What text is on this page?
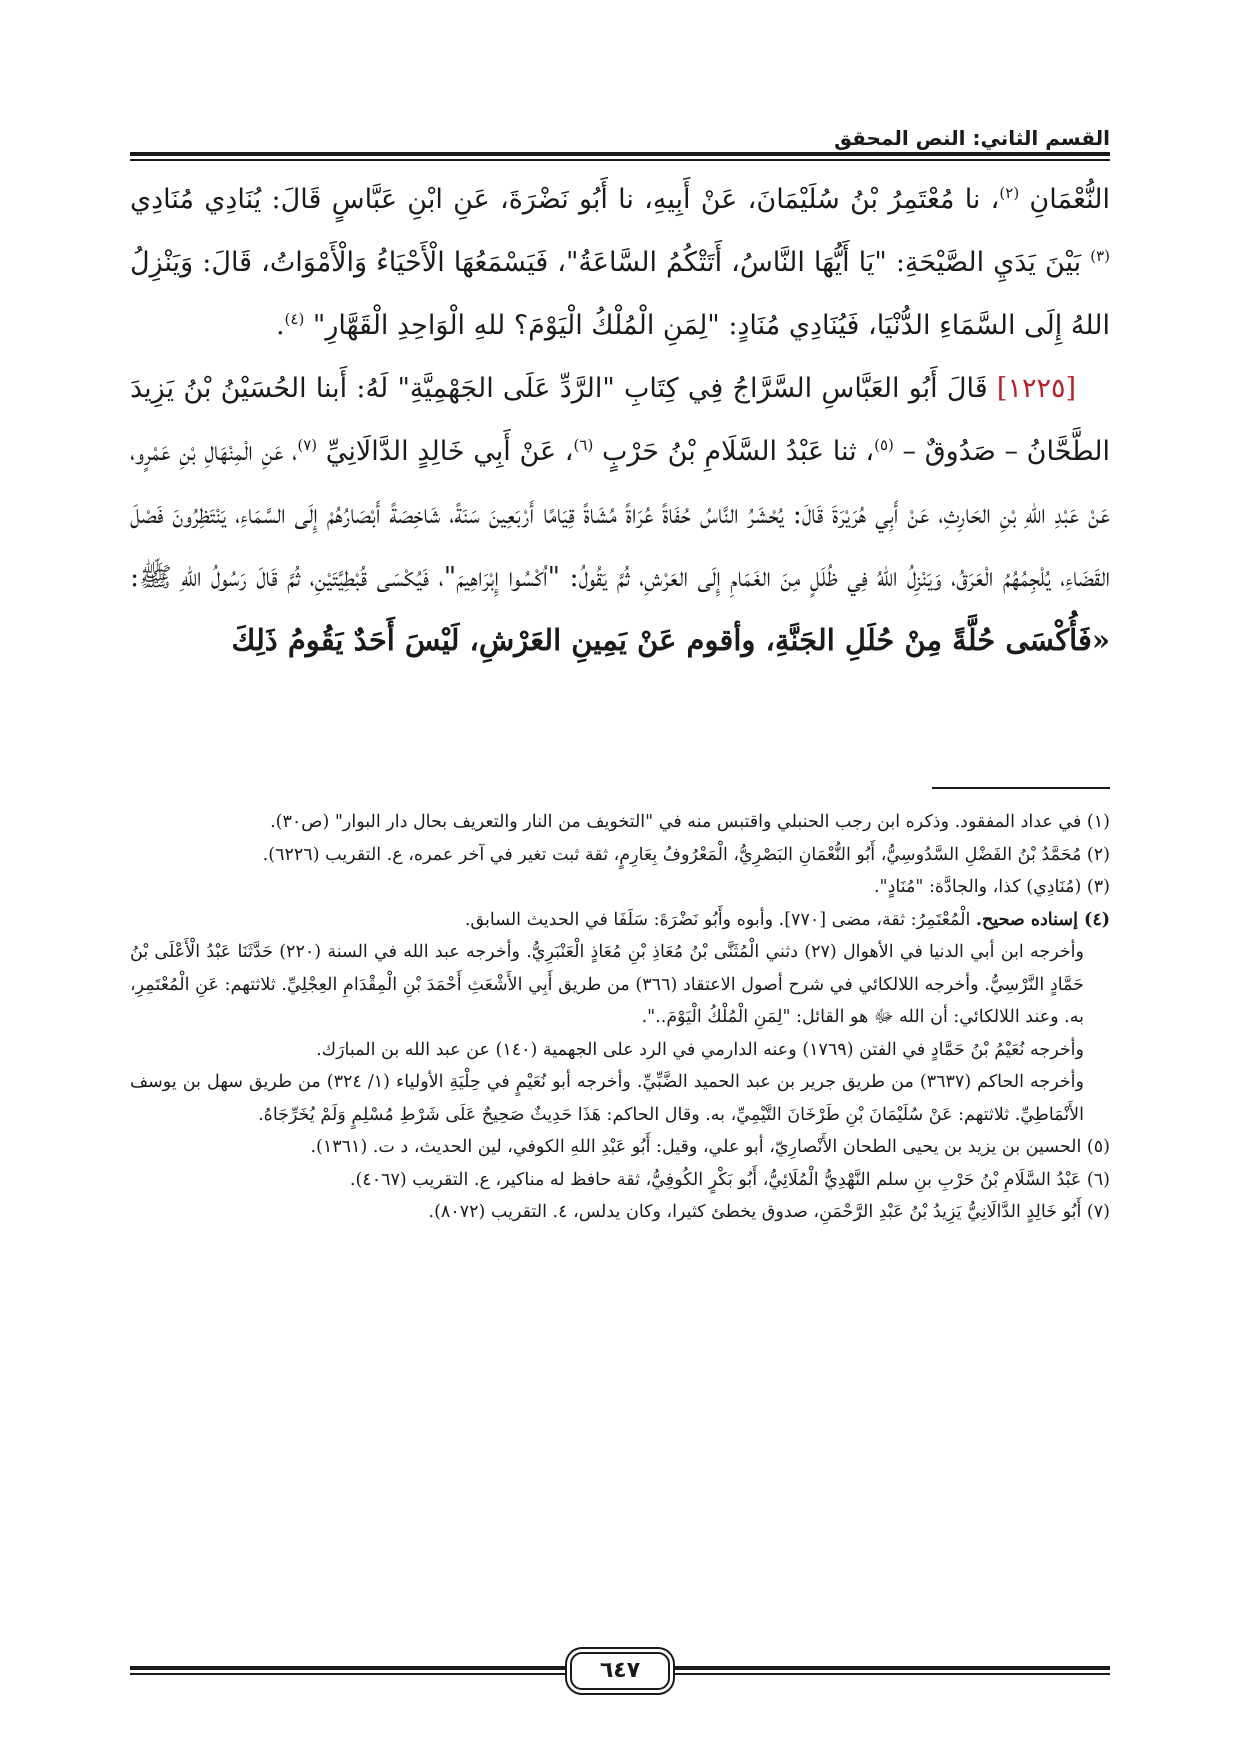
القسم الثاني: النص المحقق

النُّعْمَانِ $^{(٢)}$، نا مُعْتَمِرُ بْنُ سُلَيْمَانَ، عَنْ أَبِيهِ، نا أَبُو نَضْرَةَ، عَنِ ابْنِ عَبَّاسٍ قَالَ: يُنَادِي مُنَادِي $^{(٣)}$ بَيْنَ يَدَيِ الصَّيْحَةِ: "يَا أَيُّهَا النَّاسُ، أَتَتْكُمُ السَّاعَةُ"، فَيَسْمَعُهَا الْأَحْيَاءُ وَالْأَمْوَاتُ، قَالَ: وَيَنْزِلُ اللهُ إِلَى السَّمَاءِ الدُّنْيَا، فَيُنَادِي مُنَادٍ: "لِمَنِ الْمُلْكُ الْيَوْمَ؟ للهِ الْوَاحِدِ الْقَهَّارِ" $^{(٤)}$.

[١٢٢٥] قَالَ أَبُو العَبَّاسِ السَّرَّاجُ فِي كِتَابِ "الرَّدِّ عَلَى الجَهْمِيَّةِ" لَهُ: أَبنا الحُسَيْنُ بْنُ يَزِيدَ الطَّحَّانُ – صَدُوقٌ – $^{(٥)}$، ثنا عَبْدُ السَّلَامِ بْنُ حَرْبٍ $^{(٦)}$، عَنْ أَبِي خَالِدٍ الدَّالَانِيِّ $^{(٧)}$، عَنِ الْمِنْهَالِ بْنِ عَمْرٍو، عَنْ عَبْدِ اللهِ بْنِ الحَارِثِ، عَنْ أَبِي هُرَيْرَةَ قَالَ: يُحْشَرُ النَّاسُ حُفَاةً عُرَاةً مُشَاةً قِيَامًا أَرْبَعِينَ سَنَةً، شَاخِصَةً أَبْصَارُهُمْ إِلَى السَّمَاءِ، يَنْتَظِرُونَ فَصْلَ القَضَاءِ، يُلْجِمُهُمُ الْعَرَقُ، وَيَنْزِلُ اللهُ فِي ظُلَلٍ مِنَ الغَمَامِ إِلَى العَرْشِ، ثُمَّ يَقُولُ: "اُكْسُوا إِبْرَاهِيمَ"، فَيُكْسَى قُبْطِيَّتَيْنِ، ثُمَّ قَالَ رَسُولُ اللهِ ﷺ: «فَأُكْسَى حُلَّةً مِنْ حُلَلِ الجَنَّةِ، وأقوم عَنْ يَمِينِ العَرْشِ، لَيْسَ أَحَدٌ يَقُومُ ذَلِكَ

(١) في عداد المفقود. وذكره ابن رجب الحنبلي واقتبس منه في "التخويف من النار والتعريف بحال دار البوار" (ص٣٠).

(٢) مُحَمَّدُ بْنُ الفَضْلِ السَّدُوسِيُّ، أَبُو النُّعْمَانِ البَصْرِيُّ، الْمَعْرُوفُ بِعَارِمٍ، ثقة ثبت تغير في آخر عمره، ع. التقريب (٦٢٢٦).

(٣) (مُنَادِي) كذا، والجادَّة: "مُنَادٍ".

(٤) إسناده صحيح. الْمُعْتَمِرُ: ثقة، مضى [٧٧٠]. وأبوه وأَبُو نَضْرَةَ: سَلَفَا في الحديث السابق.

وأخرجه ابن أبي الدنيا في الأهوال (٢٧) دثني الْمُثَنَّى بْنُ مُعَاذِ بْنِ مُعَاذٍ الْعَنْبَرِيُّ. وأخرجه عبد الله في السنة (٢٢٠) حَدَّثَنَا عَبْدُ الْأَعْلَى بْنُ حَمَّادٍ النَّرْسِيُّ. وأخرجه اللالكائي في شرح أصول الاعتقاد (٣٦٦) من طريق أَبِي الأَشْعَثِ أَحْمَدَ بْنِ الْمِقْدَامِ العِجْلِيِّ. ثلاثتهم: عَنِ الْمُعْتَمِرِ، به. وعند اللالكائي: أن الله ﷻ هو القائل: "لِمَنِ الْمُلْكُ الْيَوْمَ..".

وأخرجه نُعَيْمُ بْنُ حَمَّادٍ في الفتن (١٧٦٩) وعنه الدارمي في الرد على الجهمية (١٤٠) عن عبد الله بن المبارَك.

وأخرجه الحاكم (٣٦٣٧) من طريق جرير بن عبد الحميد الضَّبِّيِّ. وأخرجه أبو نُعَيْمٍ في حِلْيَةِ الأولياء (١/ ٣٢٤) من طريق سهل بن يوسف الأَنْمَاطِيِّ. ثلاثتهم: عَنْ سُلَيْمَانَ بْنِ طَرْخَانَ التَّيْمِيِّ، به. وقال الحاكم: هَذَا حَدِيثٌ صَحِيحٌ عَلَى شَرْطِ مُسْلِمٍ وَلَمْ يُخَرِّجَاهُ.

(٥) الحسين بن يزيد بن يحيى الطحان الأَنْصارِيّ، أبو علي، وقيل: أَبُو عَبْدِ اللهِ الكوفي، لين الحديث، د ت. (١٣٦١).

(٦) عَبْدُ السَّلَامِ بْنُ حَرْبِ بنِ سلم النَّهْدِيُّ الْمُلَائِيُّ، أَبُو بَكْرٍ الكُوفِيُّ، ثقة حافظ له مناكير، ع. التقريب (٤٠٦٧).

(٧) أَبُو خَالِدٍ الدَّالَانِيُّ يَزِيدُ بْنُ عَبْدِ الرَّحْمَنِ، صدوق يخطئ كثيرا، وكان يدلس، ٤. التقريب (٨٠٧٢).

٦٤٧
